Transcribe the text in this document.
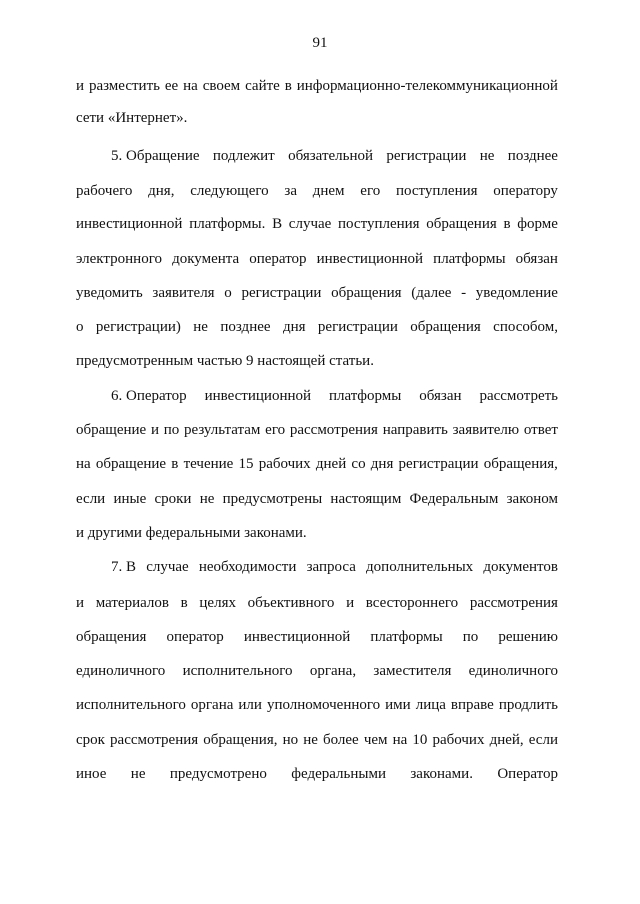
91
и разместить ее на своем сайте в информационно-телекоммуникационной
сети «Интернет».
5. Обращение подлежит обязательной регистрации не позднее
рабочего дня, следующего за днем его поступления оператору
инвестиционной платформы. В случае поступления обращения в форме
электронного документа оператор инвестиционной платформы обязан
уведомить заявителя о регистрации обращения (далее - уведомление
о регистрации) не позднее дня регистрации обращения способом,
предусмотренным частью 9 настоящей статьи.
6. Оператор инвестиционной платформы обязан рассмотреть
обращение и по результатам его рассмотрения направить заявителю ответ
на обращение в течение 15 рабочих дней со дня регистрации обращения,
если иные сроки не предусмотрены настоящим Федеральным законом
и другими федеральными законами.
7. В случае необходимости запроса дополнительных документов
и материалов в целях объективного и всестороннего рассмотрения
обращения оператор инвестиционной платформы по решению
единоличного исполнительного органа, заместителя единоличного
исполнительного органа или уполномоченного ими лица вправе продлить
срок рассмотрения обращения, но не более чем на 10 рабочих дней, если
иное не предусмотрено федеральными законами. Оператор
